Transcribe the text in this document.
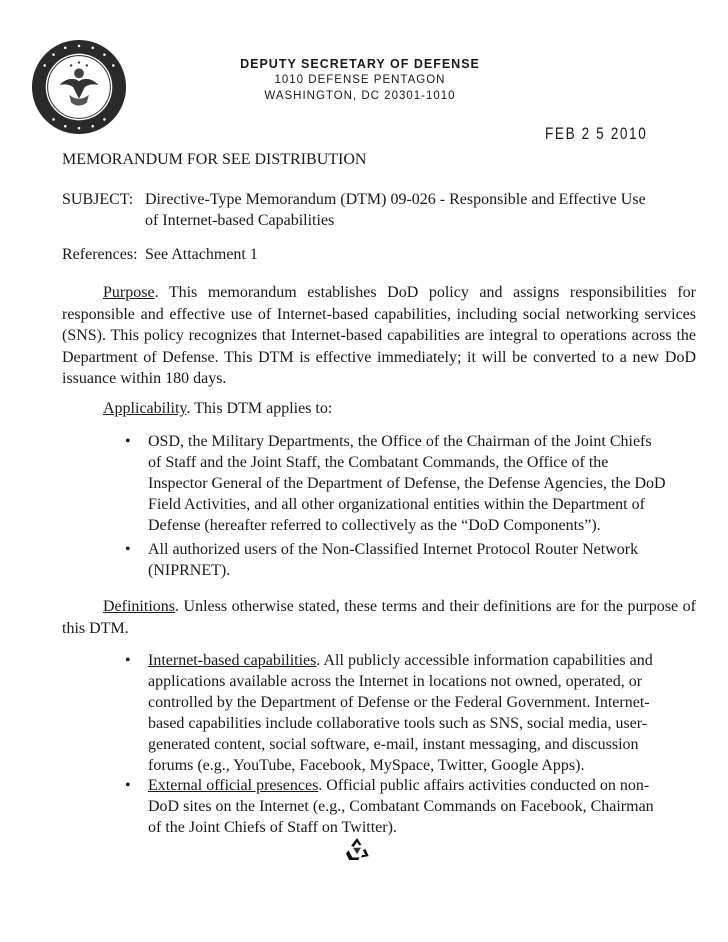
DEPUTY SECRETARY OF DEFENSE
1010 DEFENSE PENTAGON
WASHINGTON, DC 20301-1010
FEB 2 5 2010
MEMORANDUM FOR SEE DISTRIBUTION
SUBJECT: Directive-Type Memorandum (DTM) 09-026 - Responsible and Effective Use
of Internet-based Capabilities
References: See Attachment 1
Purpose. This memorandum establishes DoD policy and assigns responsibilities for responsible and effective use of Internet-based capabilities, including social networking services (SNS). This policy recognizes that Internet-based capabilities are integral to operations across the Department of Defense. This DTM is effective immediately; it will be converted to a new DoD issuance within 180 days.
Applicability. This DTM applies to:
• OSD, the Military Departments, the Office of the Chairman of the Joint Chiefs of Staff and the Joint Staff, the Combatant Commands, the Office of the Inspector General of the Department of Defense, the Defense Agencies, the DoD Field Activities, and all other organizational entities within the Department of Defense (hereafter referred to collectively as the “DoD Components”).
• All authorized users of the Non-Classified Internet Protocol Router Network (NIPRNET).
Definitions. Unless otherwise stated, these terms and their definitions are for the purpose of this DTM.
• Internet-based capabilities. All publicly accessible information capabilities and applications available across the Internet in locations not owned, operated, or controlled by the Department of Defense or the Federal Government. Internet-based capabilities include collaborative tools such as SNS, social media, user-generated content, social software, e-mail, instant messaging, and discussion forums (e.g., YouTube, Facebook, MySpace, Twitter, Google Apps).
• External official presences. Official public affairs activities conducted on non-DoD sites on the Internet (e.g., Combatant Commands on Facebook, Chairman of the Joint Chiefs of Staff on Twitter).
